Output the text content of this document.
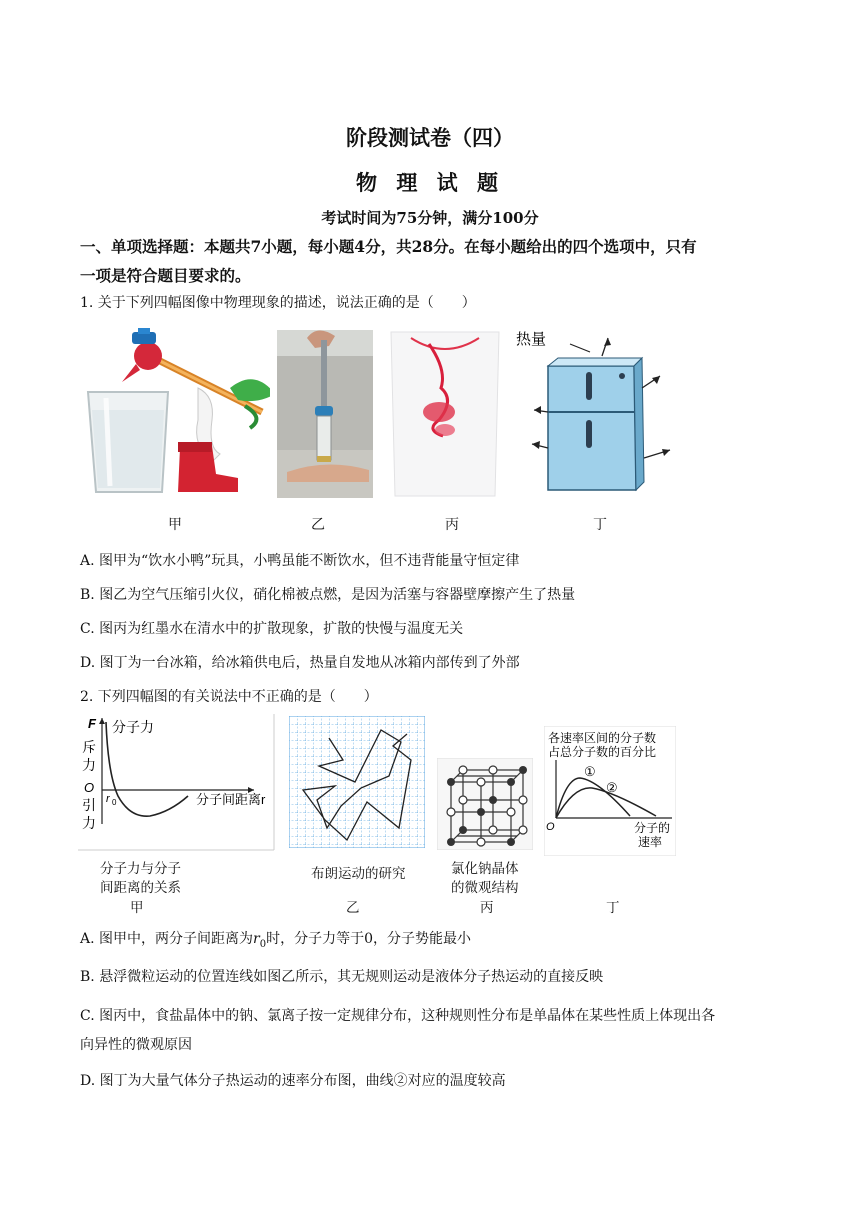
阶段测试卷（四）
物 理 试 题
考试时间为75分钟，满分100分
一、单项选择题：本题共7小题，每小题4分，共28分。在每小题给出的四个选项中，只有
一项是符合题目要求的。
1. 关于下列四幅图像中物理现象的描述，说法正确的是（　　）
热量
甲	乙	丙	丁
A. 图甲为“饮水小鸭”玩具，小鸭虽能不断饮水，但不违背能量守恒定律
B. 图乙为空气压缩引火仪，硝化棉被点燃，是因为活塞与容器壁摩擦产生了热量
C. 图丙为红墨水在清水中的扩散现象，扩散的快慢与温度无关
D. 图丁为一台冰箱，给冰箱供电后，热量自发地从冰箱内部传到了外部
2. 下列四幅图的有关说法中不正确的是（　　）
F 分子力
斥
力
O
引
力
r 0	分子间距离r
各速率区间的分子数
占总分子数的百分比
①
②
O	分子的
速率
分子力与分子
间距离的关系
甲
布朗运动的研究
乙
氯化钠晶体
的微观结构
丙	丁
A. 图甲中，两分子间距离为$r_0$时，分子力等于0，分子势能最小
B. 悬浮微粒运动的位置连线如图乙所示，其无规则运动是液体分子热运动的直接反映
C. 图丙中，食盐晶体中的钠、氯离子按一定规律分布，这种规则性分布是单晶体在某些性质上体现出各
向异性的微观原因
D. 图丁为大量气体分子热运动的速率分布图，曲线②对应的温度较高
